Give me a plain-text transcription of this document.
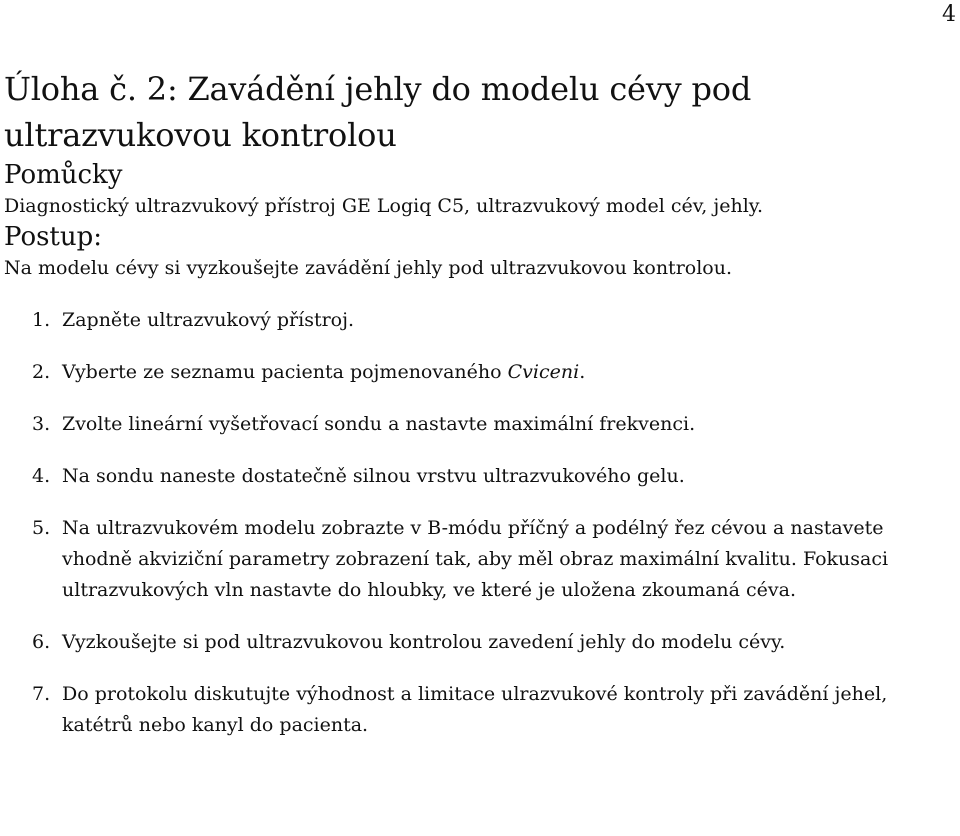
4
Úloha č. 2: Zavádění jehly do modelu cévy pod ultrazvukovou kontrolou
Pomůcky

Diagnostický ultrazvukový přístroj GE Logiq C5, ultrazvukový model cév, jehly.

Postup:

Na modelu cévy si vyzkoušejte zavádění jehly pod ultrazvukovou kontrolou.

1. Zapněte ultrazvukový přístroj.
2. Vyberte ze seznamu pacienta pojmenovaného Cviceni.
3. Zvolte lineární vyšetřovací sondu a nastavte maximální frekvenci.
4. Na sondu naneste dostatečně silnou vrstvu ultrazvukového gelu.
5. Na ultrazvukovém modelu zobrazte v B-módu příčný a podélný řez cévou a nastavete vhodně akviziční parametry zobrazení tak, aby měl obraz maximální kvalitu. Fokusaci ultrazvukových vln nastavte do hloubky, ve které je uložena zkoumaná céva.
6. Vyzkoušejte si pod ultrazvukovou kontrolou zavedení jehly do modelu cévy.
7. Do protokolu diskutujte výhodnost a limitace ulrazvukové kontroly při zavádění jehel, katétrů nebo kanyl do pacienta.
